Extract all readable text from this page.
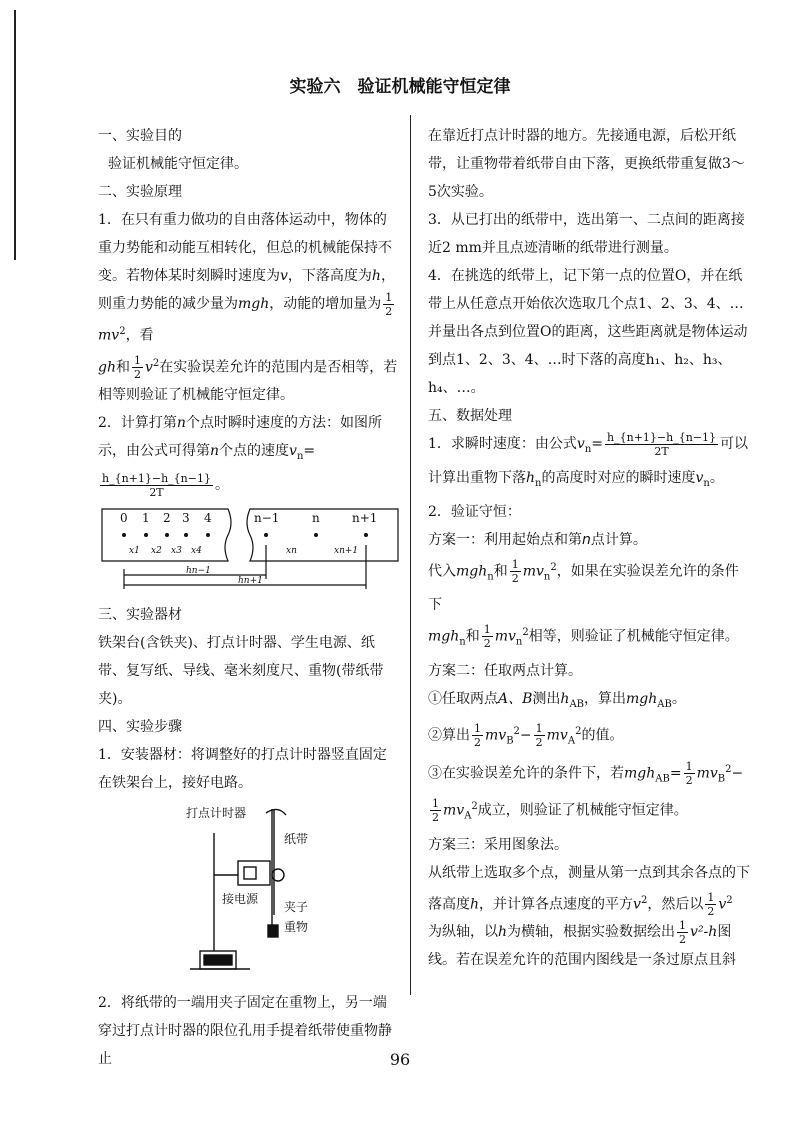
实验六　验证机械能守恒定律

一、实验目的

验证机械能守恒定律。

二、实验原理

1．在只有重力做功的自由落体运动中，物体的重力势能和动能互相转化，但总的机械能保持不变。若物体某时刻瞬时速度为v，下落高度为h，则重力势能的减少量为mgh，动能的增加量为 $\frac{1}{2}$
$mv^2$，看
gh和 $\frac{1}{2} v^2$在实验误差允许的范围内是否相等，若相等则验证了机械能守恒定律。

2．计算打第n个点时瞬时速度的方法：如图所示，由公式可得第n个点的速度$v_n=$
$\frac{h\_\{n+1\}-h\_\{n-1\}}{2T}$ 。

0 1 2 3 4	n−1	n	n+1
x1 x2 x3 x4	xn	xn+1
hn−1
hn+1

三、实验器材

铁架台(含铁夹)、打点计时器、学生电源、纸带、复写纸、导线、毫米刻度尺、重物(带纸带夹)。

四、实验步骤

1．安装器材：将调整好的打点计时器竖直固定在铁架台上，接好电路。

打点计时器
纸带
夹子
接电源
重物

2．将纸带的一端用夹子固定在重物上，另一端穿过打点计时器的限位孔用手提着纸带使重物静止

在靠近打点计时器的地方。先接通电源，后松开纸带，让重物带着纸带自由下落，更换纸带重复做3～5次实验。

3．从已打出的纸带中，选出第一、二点间的距离接近2 mm并且点迹清晰的纸带进行测量。

4．在挑选的纸带上，记下第一点的位置O，并在纸带上从任意点开始依次选取几个点1、2、3、4、…并量出各点到位置O的距离，这些距离就是物体运动到点1、2、3、4、…时下落的高度h₁、h₂、h₃、h₄、…。

五、数据处理

1．求瞬时速度：由公式$v_n= \frac{h\_\{n+1\}-h\_\{n-1\}}{2T}$ 可以计算出重物下落$h_n$的高度时对应的瞬时速度$v_n$。

2．验证守恒：

方案一：利用起始点和第n点计算。

代入mgh$_n$和 $\frac{1}{2} mv_n^2$，如果在实验误差允许的条件下
mgh$_n$和 $\frac{1}{2} mv_n^2$相等，则验证了机械能守恒定律。

方案二：任取两点计算。

①任取两点A、B测出$h_{AB}$，算出mgh$_{AB}$。

②算出 $\frac{1}{2} mv_B^2- \frac{1}{2} mv_A^2$的值。

③在实验误差允许的条件下，若$mgh_{AB}= \frac{1}{2} mv_B^2-$

$\frac{1}{2} mv_A^2$成立，则验证了机械能守恒定律。

方案三：采用图象法。

从纸带上选取多个点，测量从第一点到其余各点的下落高度h，并计算各点速度的平方$v^2$，然后以 $\frac{1}{2} v^2$
为纵轴，以h为横轴，根据实验数据绘出 $\frac{1}{2} v^2-h$图线。若在误差允许的范围内图线是一条过原点且斜

96
